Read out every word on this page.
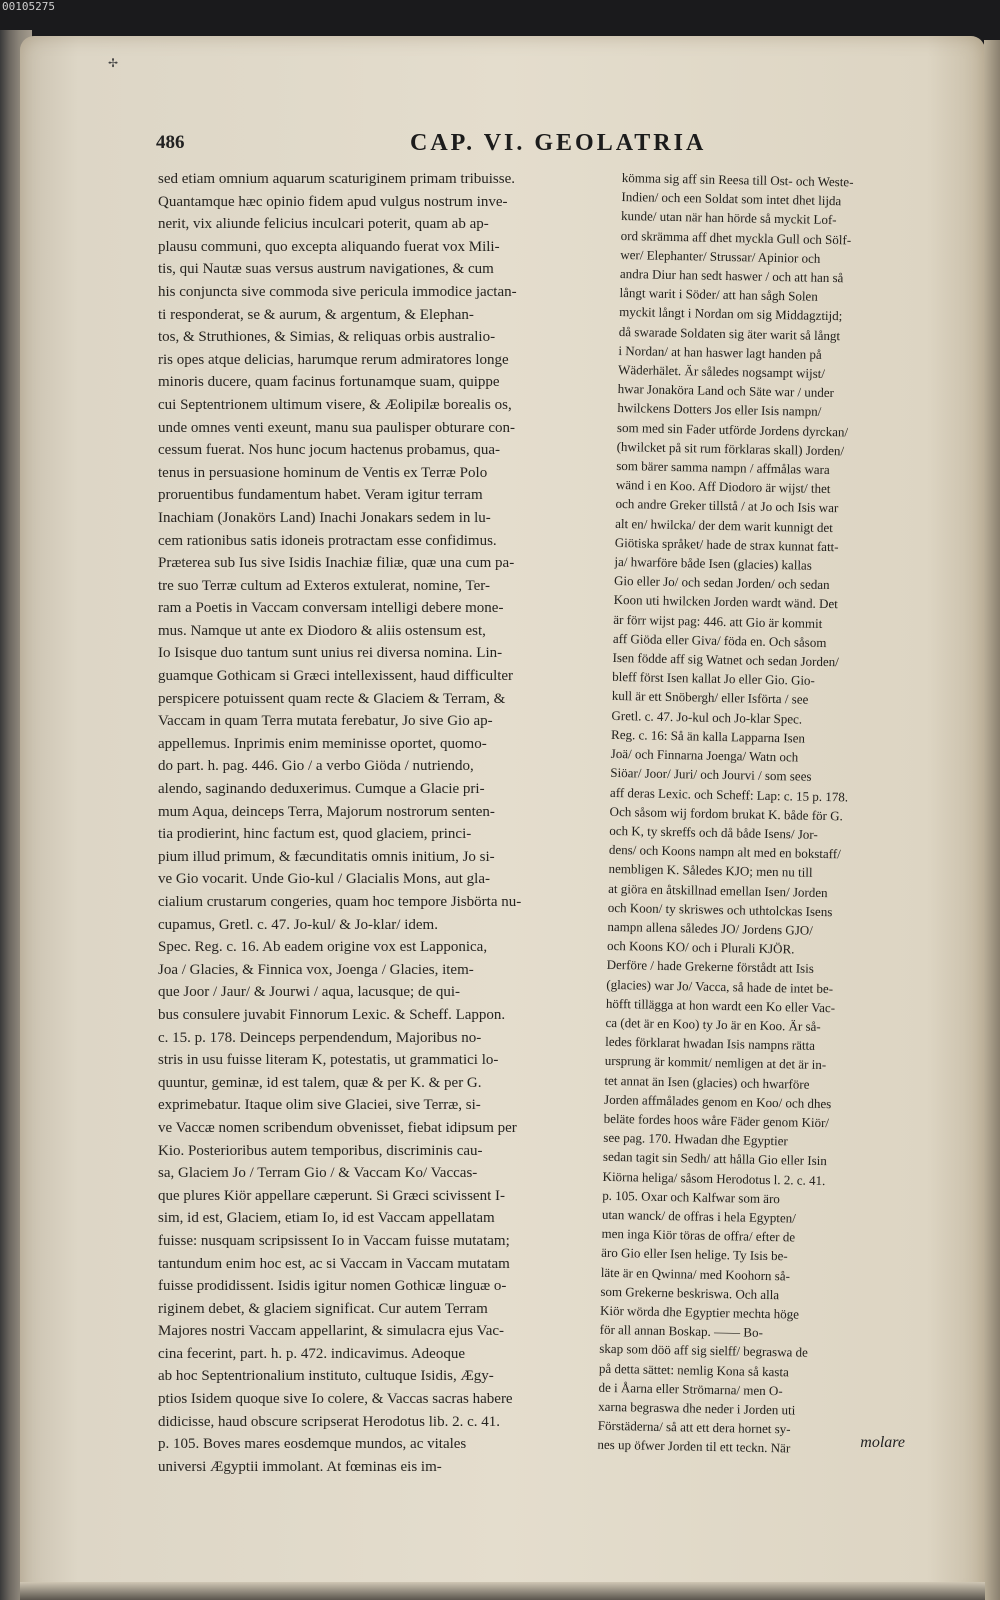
00105275
✢
486	CAP. VI. GEOLATRIA
sed etiam omnium aquarum scaturiginem primam tribuisse.
Quantamque hæc opinio fidem apud vulgus nostrum inve-
nerit, vix aliunde felicius inculcari poterit, quam ab ap-
plausu communi, quo excepta aliquando fuerat vox Mili-
tis, qui Nautæ suas versus austrum navigationes, & cum
his conjuncta sive commoda sive pericula immodice jactan-
ti responderat, se & aurum, & argentum, & Elephan-
tos, & Struthiones, & Simias, & reliquas orbis australio-
ris opes atque delicias, harumque rerum admiratores longe
minoris ducere, quam facinus fortunamque suam, quippe
cui Septentrionem ultimum visere, & Æolipilæ borealis os,
unde omnes venti exeunt, manu sua paulisper obturare con-
cessum fuerat. Nos hunc jocum hactenus probamus, qua-
tenus in persuasione hominum de Ventis ex Terræ Polo
proruentibus fundamentum habet. Veram igitur terram
Inachiam (Jonakörs Land) Inachi Jonakars sedem in lu-
cem rationibus satis idoneis protractam esse confidimus.
Præterea sub Ius sive Isidis Inachiæ filiæ, quæ una cum pa-
tre suo Terræ cultum ad Exteros extulerat, nomine, Ter-
ram a Poetis in Vaccam conversam intelligi debere mone-
mus. Namque ut ante ex Diodoro & aliis ostensum est,
Io Isisque duo tantum sunt unius rei diversa nomina. Lin-
guamque Gothicam si Græci intellexissent, haud difficulter
perspicere potuissent quam recte & Glaciem & Terram, &
Vaccam in quam Terra mutata ferebatur, Jo sive Gio ap-
appellemus. Inprimis enim meminisse oportet, quomo-
do part. h. pag. 446. Gio / a verbo Giöda / nutriendo,
alendo, saginando deduxerimus. Cumque a Glacie pri-
mum Aqua, deinceps Terra, Majorum nostrorum senten-
tia prodierint, hinc factum est, quod glaciem, princi-
pium illud primum, & fæcunditatis omnis initium, Jo si-
ve Gio vocarit. Unde Gio-kul / Glacialis Mons, aut gla-
cialium crustarum congeries, quam hoc tempore Jisbörta nu-
cupamus, Gretl. c. 47. Jo-kul/ & Jo-klar/ idem.
Spec. Reg. c. 16. Ab eadem origine vox est Lapponica,
Joa / Glacies, & Finnica vox, Joenga / Glacies, item-
que Joor / Jaur/ & Jourwi / aqua, lacusque; de qui-
bus consulere juvabit Finnorum Lexic. & Scheff. Lappon.
c. 15. p. 178. Deinceps perpendendum, Majoribus no-
stris in usu fuisse literam K, potestatis, ut grammatici lo-
quuntur, geminæ, id est talem, quæ & per K. & per G.
exprimebatur. Itaque olim sive Glaciei, sive Terræ, si-
ve Vaccæ nomen scribendum obvenisset, fiebat idipsum per
Kio. Posterioribus autem temporibus, discriminis cau-
sa, Glaciem Jo / Terram Gio / & Vaccam Ko/ Vaccas-
que plures Kiör appellare cæperunt. Si Græci scivissent I-
sim, id est, Glaciem, etiam Io, id est Vaccam appellatam
fuisse: nusquam scripsissent Io in Vaccam fuisse mutatam;
tantundum enim hoc est, ac si Vaccam in Vaccam mutatam
fuisse prodidissent. Isidis igitur nomen Gothicæ linguæ o-
riginem debet, & glaciem significat. Cur autem Terram
Majores nostri Vaccam appellarint, & simulacra ejus Vac-
cina fecerint, part. h. p. 472. indicavimus. Adeoque
ab hoc Septentrionalium instituto, cultuque Isidis, Ægy-
ptios Isidem quoque sive Io colere, & Vaccas sacras habere
didicisse, haud obscure scripserat Herodotus lib. 2. c. 41.
p. 105. Boves mares eosdemque mundos, ac vitales
universi Ægyptii immolant. At fœminas eis im-
kömma sig aff sin Reesa till Ost- och Weste-
Indien/ och een Soldat som intet dhet lijda
kunde/ utan när han hörde så myckit Lof-
ord skrämma aff dhet myckla Gull och Sölf-
wer/ Elephanter/ Strussar/ Apinior och
andra Diur han sedt haswer / och att han så
långt warit i Söder/ att han sågh Solen
myckit långt i Nordan om sig Middagztijd;
då swarade Soldaten sig äter warit så långt
i Nordan/ at han haswer lagt handen på
Wäderhälet. Är således nogsampt wijst/
hwar Jonaköra Land och Säte war / under
hwilckens Dotters Jos eller Isis nampn/
som med sin Fader utförde Jordens dyrckan/
(hwilcket på sit rum förklaras skall) Jorden/
som bärer samma nampn / affmålas wara
wänd i en Koo. Aff Diodoro är wijst/ thet
och andre Greker tillstå / at Jo och Isis war
alt en/ hwilcka/ der dem warit kunnigt det
Giötiska språket/ hade de strax kunnat fatt-
ja/ hwarföre både Isen (glacies) kallas
Gio eller Jo/ och sedan Jorden/ och sedan
Koon uti hwilcken Jorden wardt wänd. Det
är förr wijst pag: 446. att Gio är kommit
aff Giöda eller Giva/ föda en. Och såsom
Isen födde aff sig Watnet och sedan Jorden/
bleff först Isen kallat Jo eller Gio. Gio-
kull är ett Snöbergh/ eller Isförta / see
Gretl. c. 47. Jo-kul och Jo-klar Spec.
Reg. c. 16: Så än kalla Lapparna Isen
Joä/ och Finnarna Joenga/ Watn och
Siöar/ Joor/ Juri/ och Jourvi / som sees
aff deras Lexic. och Scheff: Lap: c. 15 p. 178.
Och såsom wij fordom brukat K. både för G.
och K, ty skreffs och då både Isens/ Jor-
dens/ och Koons nampn alt med en bokstaff/
nembligen K. Således KJO; men nu till
at giöra en åtskillnad emellan Isen/ Jorden
och Koon/ ty skriswes och uthtolckas Isens
nampn allena således JO/ Jordens GJO/
och Koons KO/ och i Plurali KJÖR.
Derföre / hade Grekerne förstådt att Isis
(glacies) war Jo/ Vacca, så hade de intet be-
höfft tillägga at hon wardt een Ko eller Vac-
ca (det är en Koo) ty Jo är en Koo. Är så-
ledes förklarat hwadan Isis nampns rätta
ursprung är kommit/ nemligen at det är in-
tet annat än Isen (glacies) och hwarföre
Jorden affmålades genom en Koo/ och dhes
beläte fordes hoos wåre Fäder genom Kiör/
see pag. 170. Hwadan dhe Egyptier
sedan tagit sin Sedh/ att hålla Gio eller Isin
Kiörna heliga/ såsom Herodotus l. 2. c. 41.
p. 105. Oxar och Kalfwar som äro
utan wanck/ de offras i hela Egypten/
men inga Kiör töras de offra/ efter de
äro Gio eller Isen helige. Ty Isis be-
läte är en Qwinna/ med Koohorn så-
som Grekerne beskriswa. Och alla
Kiör wörda dhe Egyptier mechta höge
för all annan Boskap. —— Bo-
skap som döö aff sig sielff/ begraswa de
på detta sättet: nemlig Kona så kasta
de i Åarna eller Strömarna/ men O-
xarna begraswa dhe neder i Jorden uti
Förstäderna/ så att ett dera hornet sy-
nes up öfwer Jorden til ett teckn. När	molare
